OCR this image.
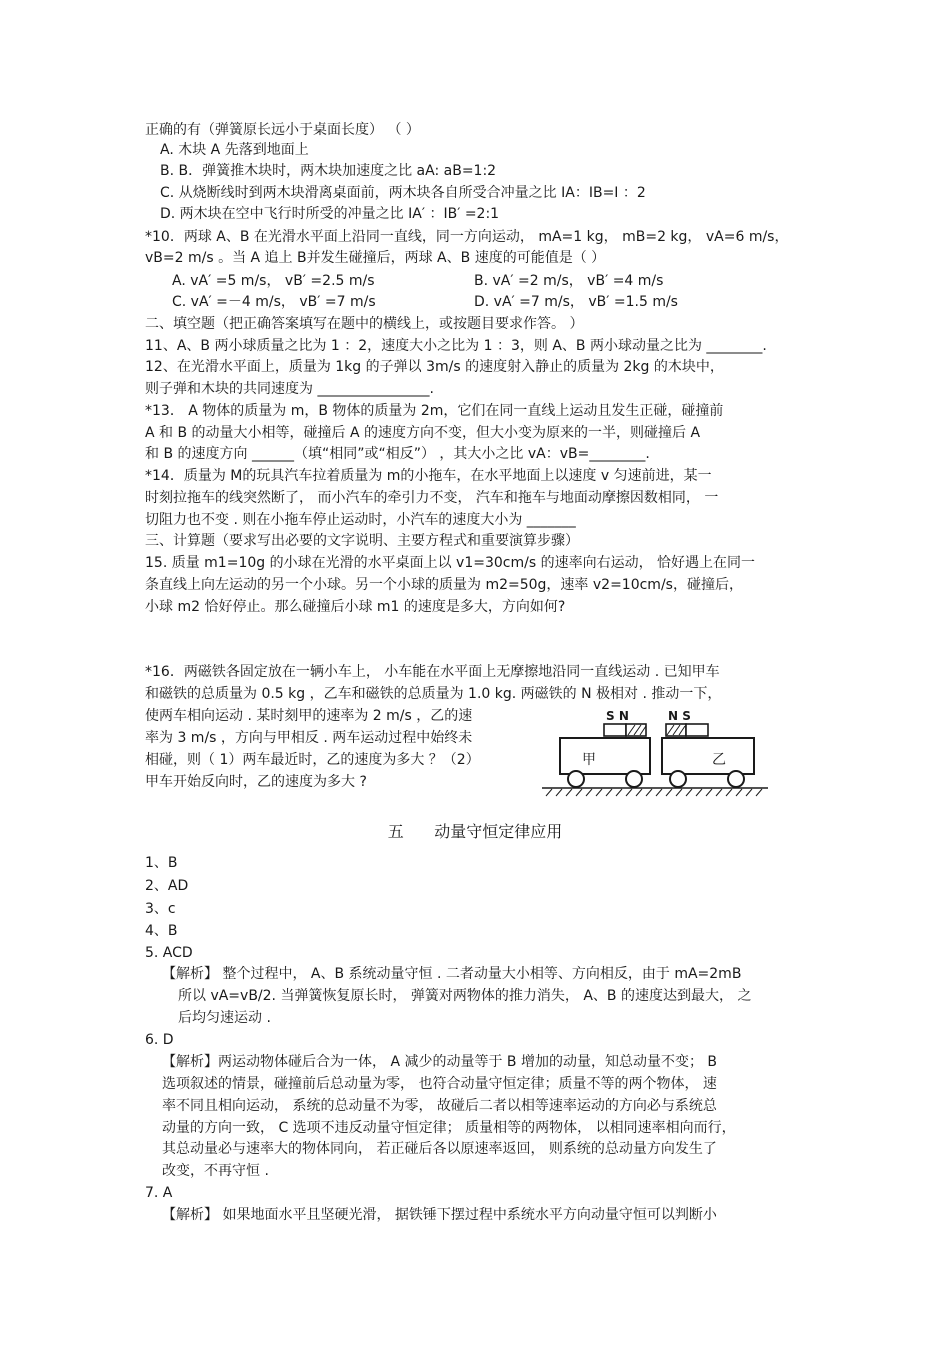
正确的有（弹簧原长远小于桌面长度） （ ）
A. 木块 A 先落到地面上
B. B．弹簧推木块时，两木块加速度之比 aA: aB=1:2
C. 从烧断线时到两木块滑离桌面前，两木块各自所受合冲量之比 IA：IB=I ：2
D. 两木块在空中飞行时所受的冲量之比 IA′ ：IB′ =2:1
*10．两球 A、B 在光滑水平面上沿同一直线，同一方向运动， mA=1 kg， mB=2 kg， vA=6 m/s，
vB=2 m/s 。当 A 追上 B并发生碰撞后，两球 A、B 速度的可能值是（ ）
A. vA′ =5 m/s， vB′ =2.5 m/s	B. vA′ =2 m/s， vB′ =4 m/s
C. vA′ =－4 m/s， vB′ =7 m/s	D. vA′ =7 m/s， vB′ =1.5 m/s
二、填空题（把正确答案填写在题中的横线上，或按题目要求作答。 ）
11、A、B 两小球质量之比为 1 ：2，速度大小之比为 1 ：3，则 A、B 两小球动量之比为 ________.
12、在光滑水平面上，质量为 1kg 的子弹以 3m/s 的速度射入静止的质量为 2kg 的木块中，
则子弹和木块的共同速度为 ________________.
*13． A 物体的质量为 m，B 物体的质量为 2m，它们在同一直线上运动且发生正碰，碰撞前
A 和 B 的动量大小相等，碰撞后 A 的速度方向不变，但大小变为原来的一半，则碰撞后 A
和 B 的速度方向 ______（填“相同”或“相反”） ，其大小之比 vA：vB=________.
*14．质量为 M的玩具汽车拉着质量为 m的小拖车，在水平地面上以速度 v 匀速前进，某一
时刻拉拖车的线突然断了， 而小汽车的牵引力不变， 汽车和拖车与地面动摩擦因数相同， 一
切阻力也不变 . 则在小拖车停止运动时，小汽车的速度大小为 _______
三、计算题（要求写出必要的文字说明、主要方程式和重要演算步骤）
15. 质量 m1=10g 的小球在光滑的水平桌面上以 v1=30cm/s 的速率向右运动， 恰好遇上在同一
条直线上向左运动的另一个小球。另一个小球的质量为 m2=50g，速率 v2=10cm/s，碰撞后，
小球 m2 恰好停止。那么碰撞后小球 m1 的速度是多大，方向如何?
*16．两磁铁各固定放在一辆小车上， 小车能在水平面上无摩擦地沿同一直线运动 . 已知甲车
和磁铁的总质量为 0.5 kg ，乙车和磁铁的总质量为 1.0 kg. 两磁铁的 N 极相对 . 推动一下，
使两车相向运动 . 某时刻甲的速率为 2 m/s ，乙的速
率为 3 m/s ，方向与甲相反 . 两车运动过程中始终未
相碰，则（ 1）两车最近时，乙的速度为多大 ？（2）
甲车开始反向时，乙的速度为多大 ?
甲
S N
乙
N S
五      动量守恒定律应用
1、B
2、AD
3、c
4、B
5. ACD
【解析】 整个过程中， A、B 系统动量守恒 . 二者动量大小相等、方向相反，由于 mA=2mB
所以 vA=vB/2. 当弹簧恢复原长时， 弹簧对两物体的推力消失， A、B 的速度达到最大， 之
后均匀速运动 .
6. D
【解析】两运动物体碰后合为一体， A 减少的动量等于 B 增加的动量，知总动量不变； B
选项叙述的情景，碰撞前后总动量为零， 也符合动量守恒定律；质量不等的两个物体， 速
率不同且相向运动， 系统的总动量不为零， 故碰后二者以相等速率运动的方向必与系统总
动量的方向一致， C 选项不违反动量守恒定律； 质量相等的两物体， 以相同速率相向而行，
其总动量必与速率大的物体同向， 若正碰后各以原速率返回， 则系统的总动量方向发生了
改变，不再守恒 .
7. A
【解析】 如果地面水平且坚硬光滑， 据铁锤下摆过程中系统水平方向动量守恒可以判断小
